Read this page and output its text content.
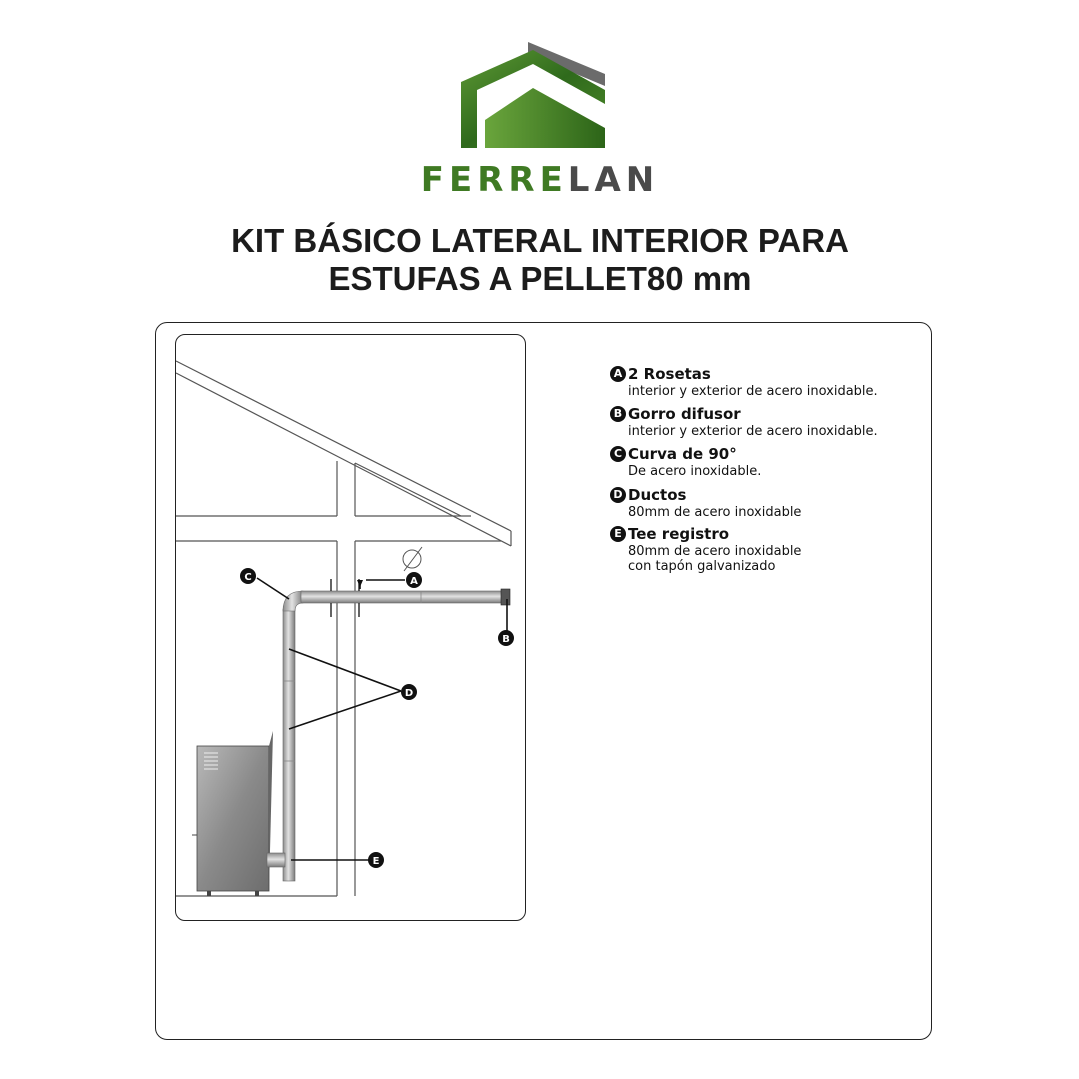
FERRELAN
KIT BÁSICO LATERAL INTERIOR PARA
ESTUFAS A PELLET80 mm
C	A
B
D
E
A 2 Rosetas
interior y exterior de acero inoxidable.
B Gorro difusor
interior y exterior de acero inoxidable.
C Curva de 90°
De acero inoxidable.
D Ductos
80mm de acero inoxidable
E Tee registro
80mm de acero inoxidable
con tapón galvanizado
∅
